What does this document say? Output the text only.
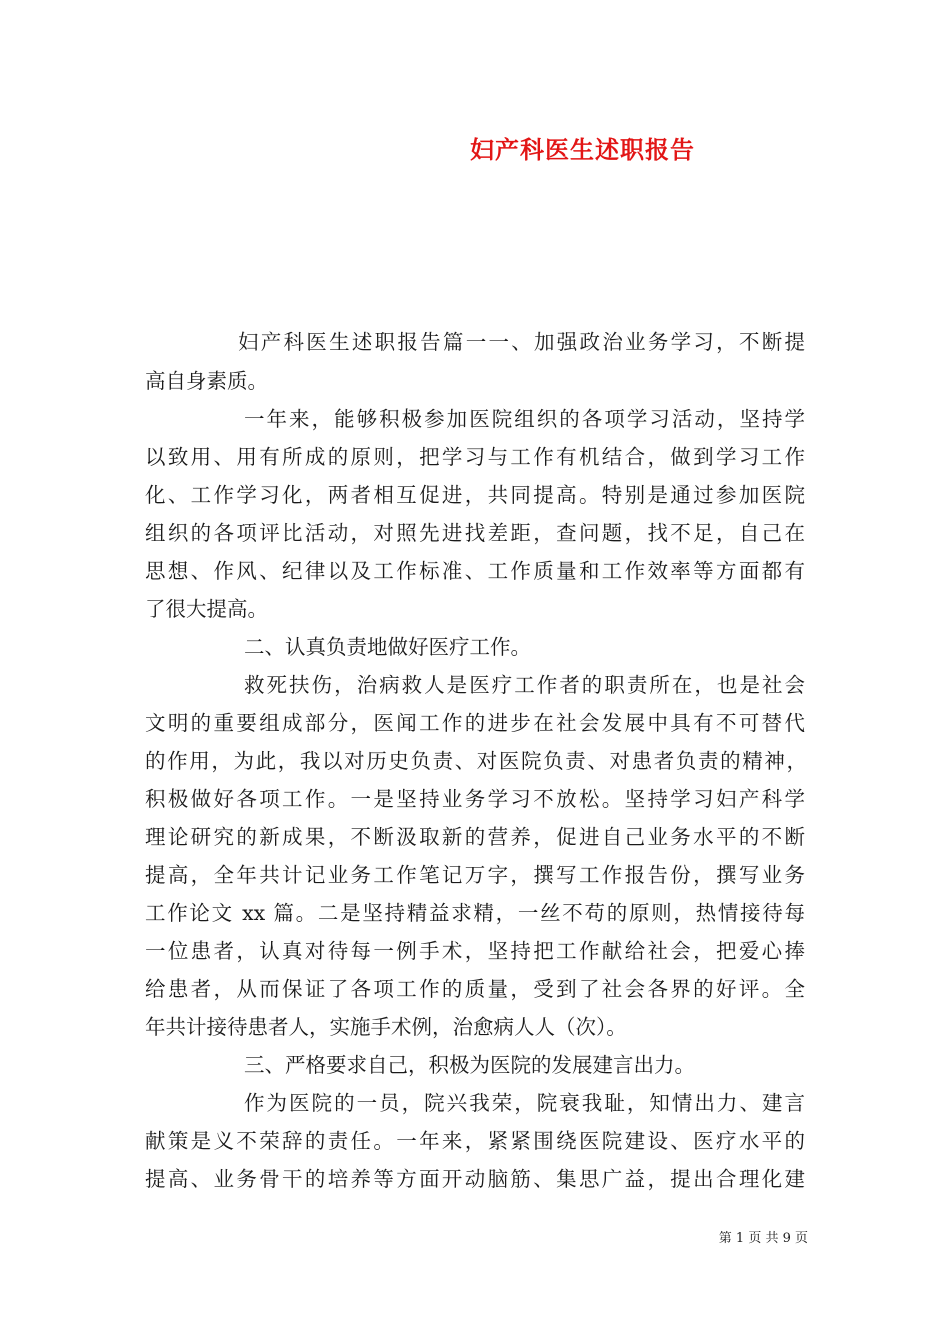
妇产科医生述职报告
妇产科医生述职报告篇一一、加强政治业务学习，不断提
高自身素质。
一年来，能够积极参加医院组织的各项学习活动，坚持学
以致用、用有所成的原则，把学习与工作有机结合，做到学习工作
化、工作学习化，两者相互促进，共同提高。特别是通过参加医院
组织的各项评比活动，对照先进找差距，查问题，找不足，自己在
思想、作风、纪律以及工作标准、工作质量和工作效率等方面都有
了很大提高。
二、认真负责地做好医疗工作。
救死扶伤，治病救人是医疗工作者的职责所在，也是社会
文明的重要组成部分，医闻工作的进步在社会发展中具有不可替代
的作用，为此，我以对历史负责、对医院负责、对患者负责的精神，
积极做好各项工作。一是坚持业务学习不放松。坚持学习妇产科学
理论研究的新成果，不断汲取新的营养，促进自己业务水平的不断
提高，全年共计记业务工作笔记万字，撰写工作报告份，撰写业务
工作论文 xx 篇。二是坚持精益求精，一丝不苟的原则，热情接待每
一位患者，认真对待每一例手术，坚持把工作献给社会，把爱心捧
给患者，从而保证了各项工作的质量，受到了社会各界的好评。全
年共计接待患者人，实施手术例，治愈病人人（次）。
三、严格要求自己，积极为医院的发展建言出力。
作为医院的一员，院兴我荣，院衰我耻，知情出力、建言
献策是义不荣辞的责任。一年来，紧紧围绕医院建设、医疗水平的
提高、业务骨干的培养等方面开动脑筋、集思广益，提出合理化建
第 1 页 共 9 页
